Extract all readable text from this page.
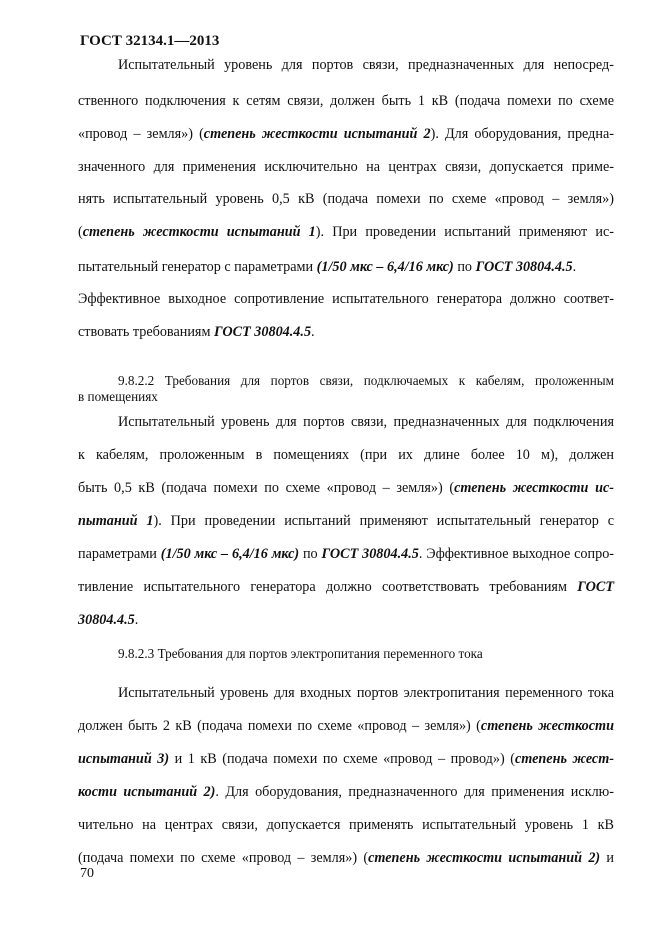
ГОСТ 32134.1—2013
Испытательный уровень для портов связи, предназначенных для непосред-
ственного подключения к сетям связи, должен быть 1 кВ (подача помехи по схеме
«провод – земля») (степень жесткости испытаний 2). Для оборудования, предна-
значенного для применения исключительно на центрах связи, допускается приме-
нять испытательный уровень 0,5 кВ (подача помехи по схеме «провод – земля»)
(степень жесткости испытаний 1). При проведении испытаний применяют ис-
пытательный генератор с параметрами (1/50 мкс – 6,4/16 мкс) по ГОСТ 30804.4.5.
Эффективное выходное сопротивление испытательного генератора должно соответ-
ствовать требованиям ГОСТ 30804.4.5.
9.8.2.2 Требования для портов связи, подключаемых к кабелям, проложенным
в помещениях
Испытательный уровень для портов связи, предназначенных для подключения
к кабелям, проложенным в помещениях (при их длине более 10 м), должен
быть 0,5 кВ (подача помехи по схеме «провод – земля») (степень жесткости ис-
пытаний 1). При проведении испытаний применяют испытательный генератор с
параметрами (1/50 мкс – 6,4/16 мкс) по ГОСТ 30804.4.5. Эффективное выходное сопро-
тивление испытательного генератора должно соответствовать требованиям ГОСТ
30804.4.5.
9.8.2.3 Требования для портов электропитания переменного тока
Испытательный уровень для входных портов электропитания переменного тока
должен быть 2 кВ (подача помехи по схеме «провод – земля») (степень жесткости
испытаний 3) и 1 кВ (подача помехи по схеме «провод – провод») (степень жест-
кости испытаний 2). Для оборудования, предназначенного для применения исклю-
чительно на центрах связи, допускается применять испытательный уровень 1 кВ
(подача помехи по схеме «провод – земля») (степень жесткости испытаний 2) и
70
